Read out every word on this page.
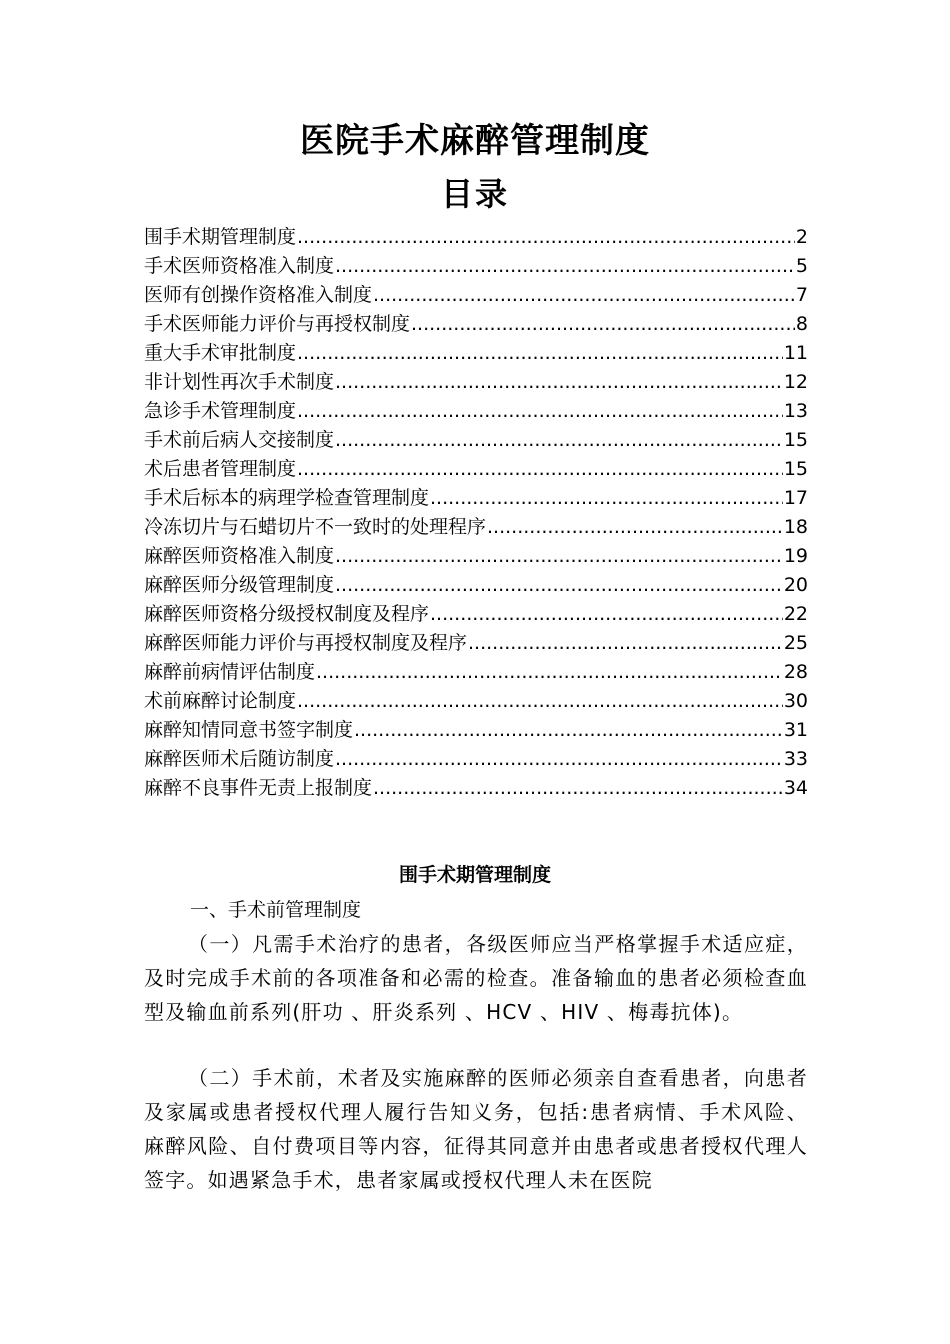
医院手术麻醉管理制度
目录
围手术期管理制度 .....	2
手术医师资格准入制度 .....	5
医师有创操作资格准入制度 .....	7
手术医师能力评价与再授权制度 .....	8
重大手术审批制度 .....	11
非计划性再次手术制度 .....	12
急诊手术管理制度 .....	13
手术前后病人交接制度 .....	15
术后患者管理制度 .....	15
手术后标本的病理学检查管理制度 .....	17
冷冻切片与石蜡切片不一致时的处理程序 .....	18
麻醉医师资格准入制度 .....	19
麻醉医师分级管理制度 .....	20
麻醉医师资格分级授权制度及程序 .....	22
麻醉医师能力评价与再授权制度及程序 .....	25
麻醉前病情评估制度 .....	28
术前麻醉讨论制度 .....	30
麻醉知情同意书签字制度 .....	31
麻醉医师术后随访制度 .....	33
麻醉不良事件无责上报制度 .....	34
围手术期管理制度
一、手术前管理制度

（一）凡需手术治疗的患者，各级医师应当严格掌握手术适应症，及时完成手术前的各项准备和必需的检查。准备输血的患者必须检查血型及输血前系列(肝功 、肝炎系列 、HCV 、HIV 、梅毒抗体)。

（二）手术前，术者及实施麻醉的医师必须亲自查看患者，向患者及家属或患者授权代理人履行告知义务，包括:患者病情、手术风险、麻醉风险、自付费项目等内容，征得其同意并由患者或患者授权代理人签字。如遇紧急手术，患者家属或授权代理人未在医院
